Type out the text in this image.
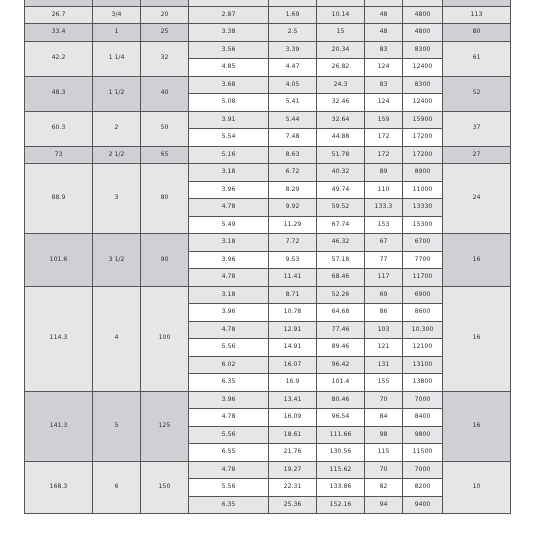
26.7	3/4	20	2.87	1.69	10.14	48	4800	113
33.4	1	25	3.38	2.5	15	48	4800	80
42.2	1 1/4	32	3.56	3.39	20.34	83	8300	61
			4.85	4.47	26.82	124	12400	
48.3	1 1/2	40	3.68	4.05	24.3	83	8300	52
			5.08	5.41	32.46	124	12400	
60.3	2	50	3.91	5.44	32.64	159	15900	37
			5.54	7.48	44.88	172	17200	
73	2 1/2	65	5.16	8.63	51.78	172	17200	27
88.9	3	80	3.18	6.72	40.32	89	8900	24
			3.96	8.29	49.74	110	11000	
			4.78	9.92	59.52	133.3	13330	
			5.49	11.29	67.74	153	15300	
101.6	3 1/2	90	3.18	7.72	46.32	67	6700	16
			3.96	9.53	57.18	77	7700	
			4.78	11.41	68.46	117	11700	
114.3	4	100	3.18	8.71	52.26	69	6900	16
			3.96	10.78	64.68	86	8600	
			4.78	12.91	77.46	103	10.300	
			5.56	14.91	89.46	121	12100	
			6.02	16.07	96.42	131	13100	
			6.35	16.9	101.4	155	13800	
141.3	5	125	3.96	13.41	80.46	70	7000	16
			4.78	16.09	96.54	84	8400	
			5.56	18.61	111.66	98	9800	
			6.55	21.76	130.56	115	11500	
168.3	6	150	4.78	19.27	115.62	70	7000	10
			5.56	22.31	133.86	82	8200	
			6.35	25.36	152.16	94	9400	
